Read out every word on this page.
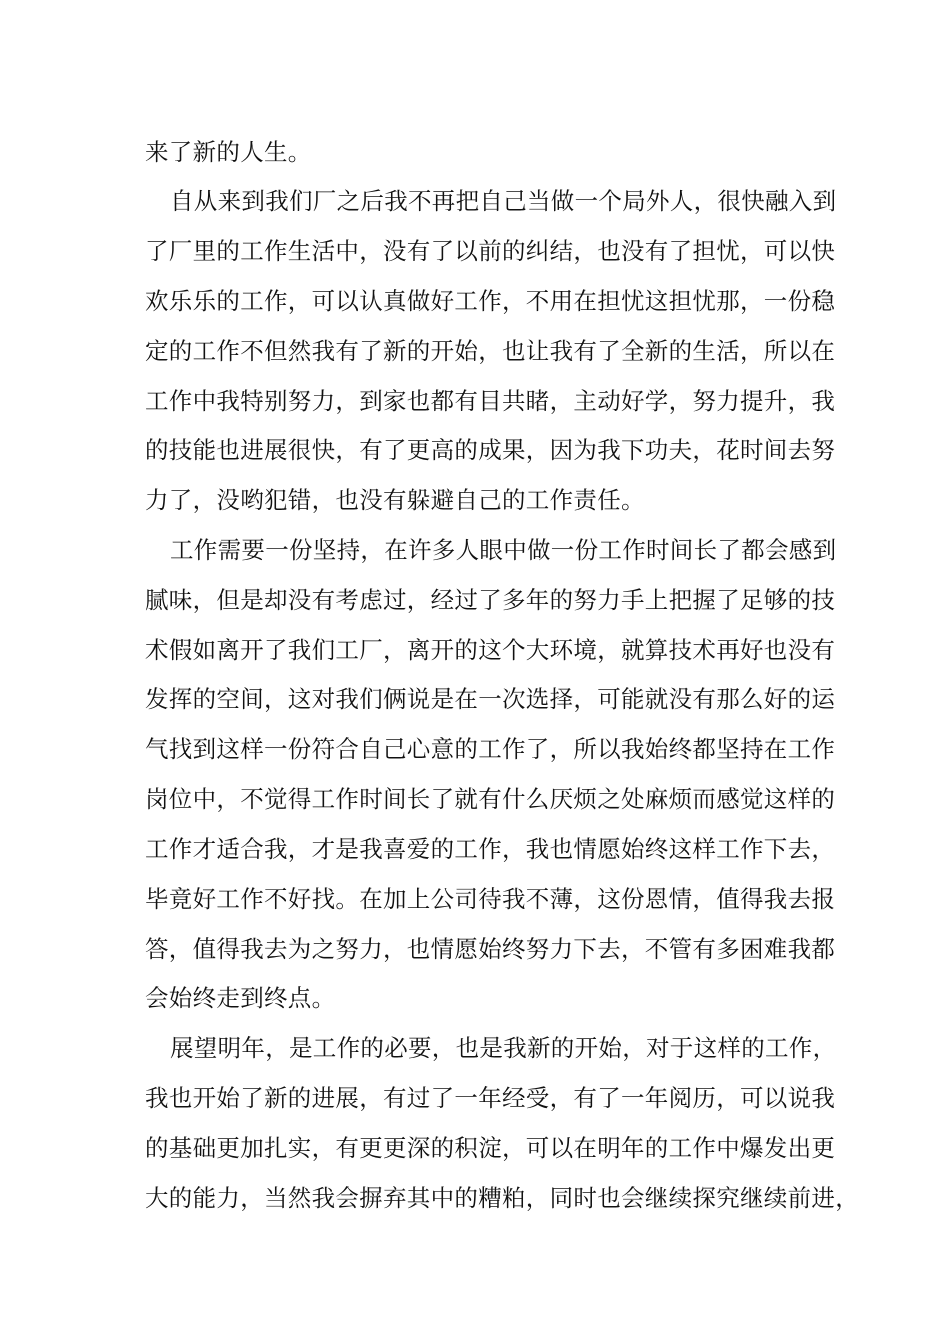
来了新的人生。

自从来到我们厂之后我不再把自己当做一个局外人，很快融入到

了厂里的工作生活中，没有了以前的纠结，也没有了担忧，可以快

欢乐乐的工作，可以认真做好工作，不用在担忧这担忧那，一份稳

定的工作不但然我有了新的开始，也让我有了全新的生活，所以在

工作中我特别努力，到家也都有目共睹，主动好学，努力提升，我

的技能也进展很快，有了更高的成果，因为我下功夫，花时间去努

力了，没哟犯错，也没有躲避自己的工作责任。

工作需要一份坚持，在许多人眼中做一份工作时间长了都会感到

腻味，但是却没有考虑过，经过了多年的努力手上把握了足够的技

术假如离开了我们工厂，离开的这个大环境，就算技术再好也没有

发挥的空间，这对我们俩说是在一次选择，可能就没有那么好的运

气找到这样一份符合自己心意的工作了，所以我始终都坚持在工作

岗位中，不觉得工作时间长了就有什么厌烦之处麻烦而感觉这样的

工作才适合我，才是我喜爱的工作，我也情愿始终这样工作下去，

毕竟好工作不好找。在加上公司待我不薄，这份恩情，值得我去报

答，值得我去为之努力，也情愿始终努力下去，不管有多困难我都

会始终走到终点。

展望明年，是工作的必要，也是我新的开始，对于这样的工作，

我也开始了新的进展，有过了一年经受，有了一年阅历，可以说我

的基础更加扎实，有更更深的积淀，可以在明年的工作中爆发出更

大的能力，当然我会摒弃其中的糟粕，同时也会继续探究继续前进，
